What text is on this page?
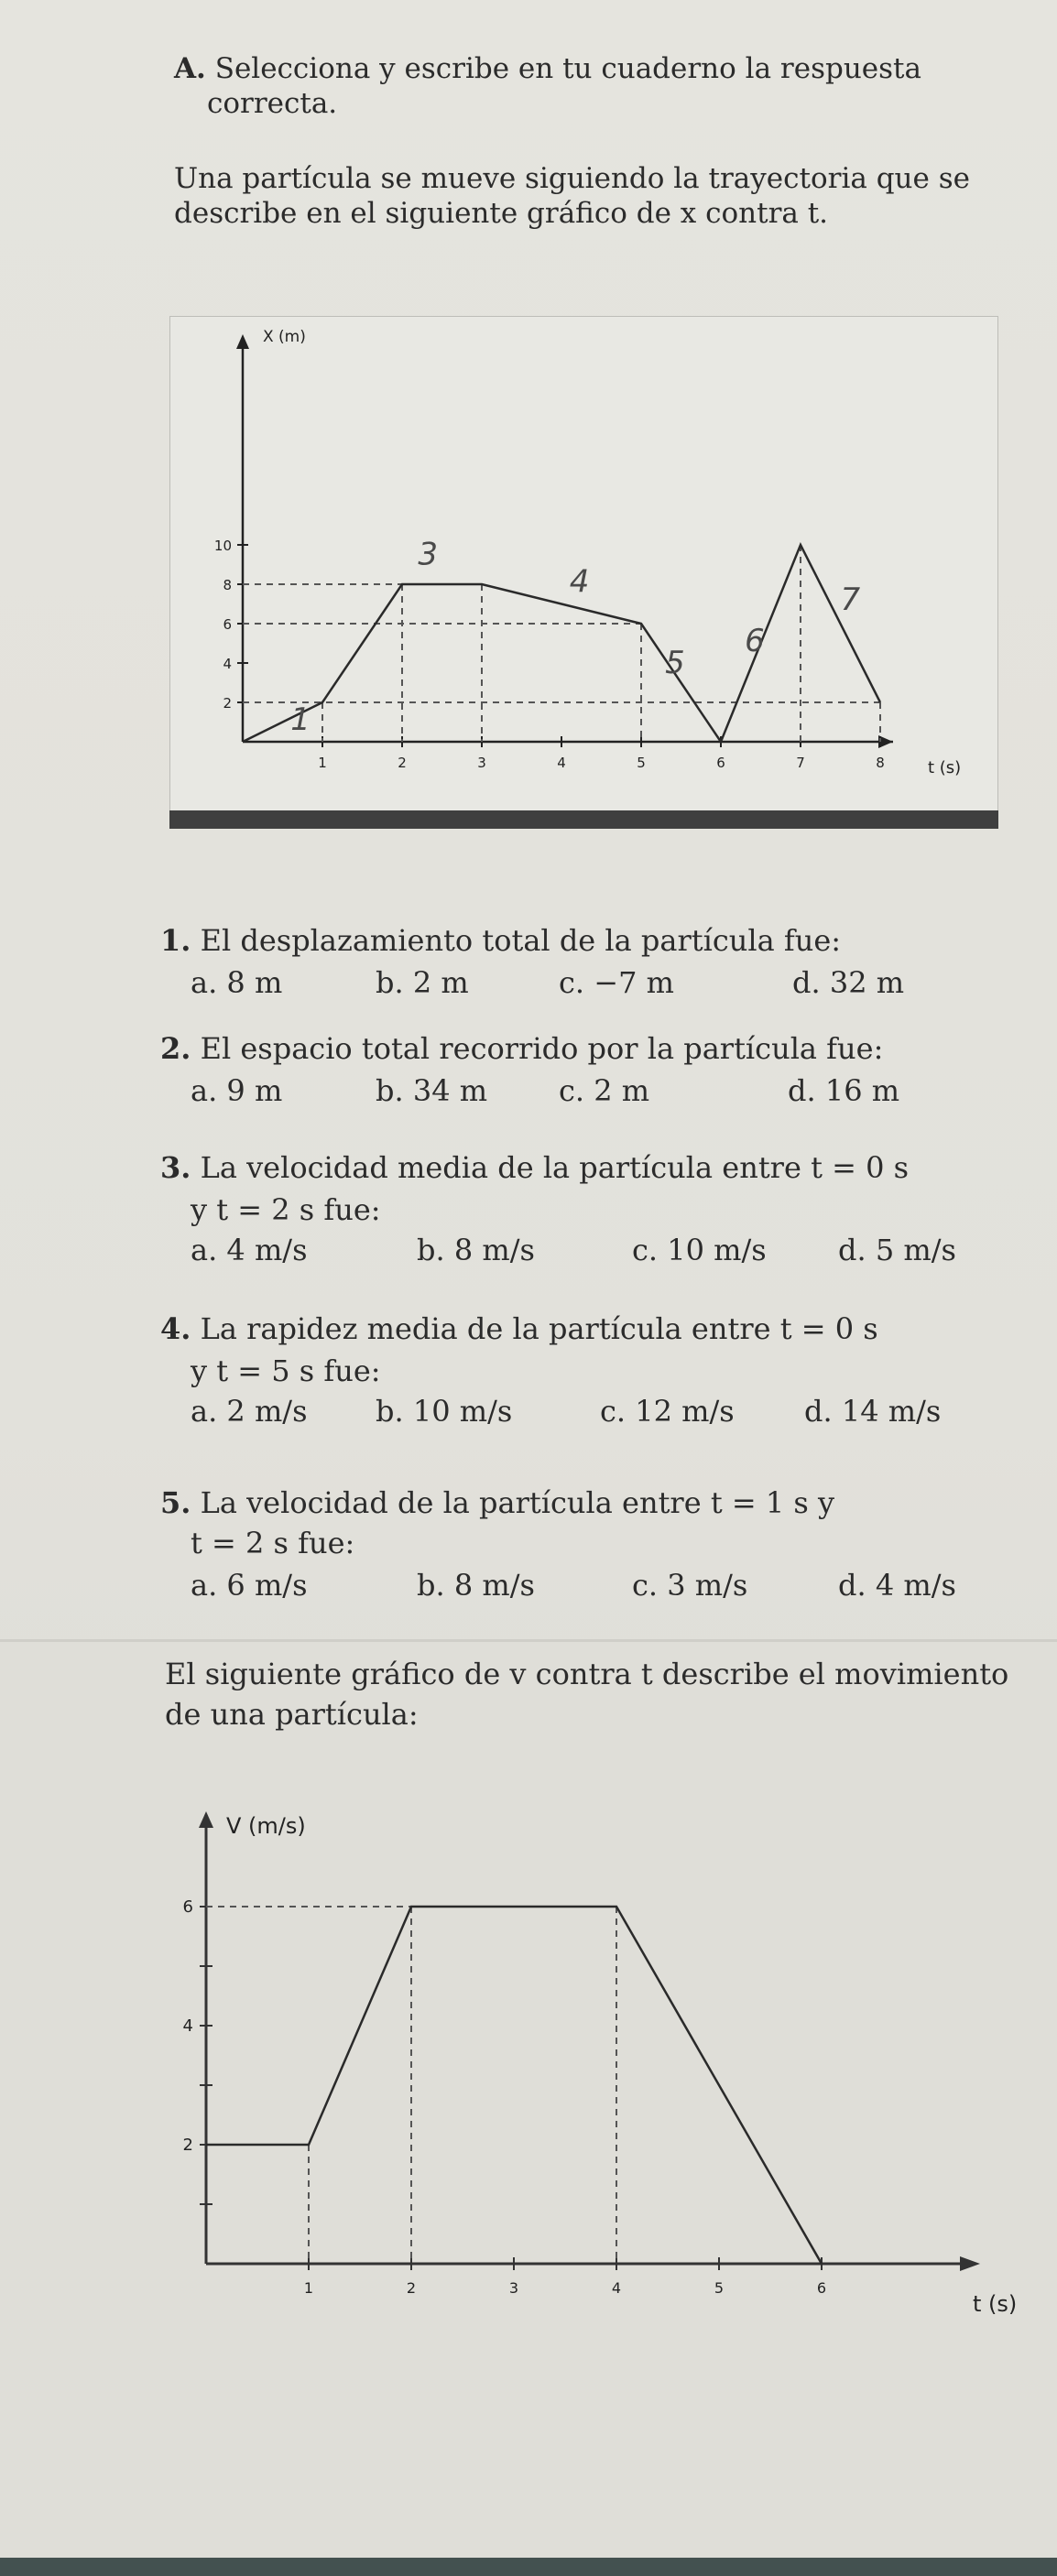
A. Selecciona y escribe en tu cuaderno la respuesta correcta.

Una partícula se mueve siguiendo la trayectoria que se describe en el siguiente gráfico de x contra t.

2
4
6
8
10
1	2	3	4	5	6	7	8
X (m)
t (s)
1
3
4
5
6
7
1. El desplazamiento total de la partícula fue:
a. 8 m	b. 2 m	c. −7 m	d. 32 m
2. El espacio total recorrido por la partícula fue:
a. 9 m	b. 34 m c. 2 m	d. 16 m
3. La velocidad media de la partícula entre t = 0 s
y t = 2 s fue:
a. 4 m/s	b. 8 m/s	c. 10 m/s d. 5 m/s
4. La rapidez media de la partícula entre t = 0 s
y t = 5 s fue:
a. 2 m/s b. 10 m/s	c. 12 m/s d. 14 m/s
5. La velocidad de la partícula entre t = 1 s y
t = 2 s fue:
a. 6 m/s	b. 8 m/s	c. 3 m/s	d. 4 m/s

El siguiente gráfico de v contra t describe el movimiento de una partícula:

2
4
6
1	2	3	4	5	6
V (m/s)
t (s)
